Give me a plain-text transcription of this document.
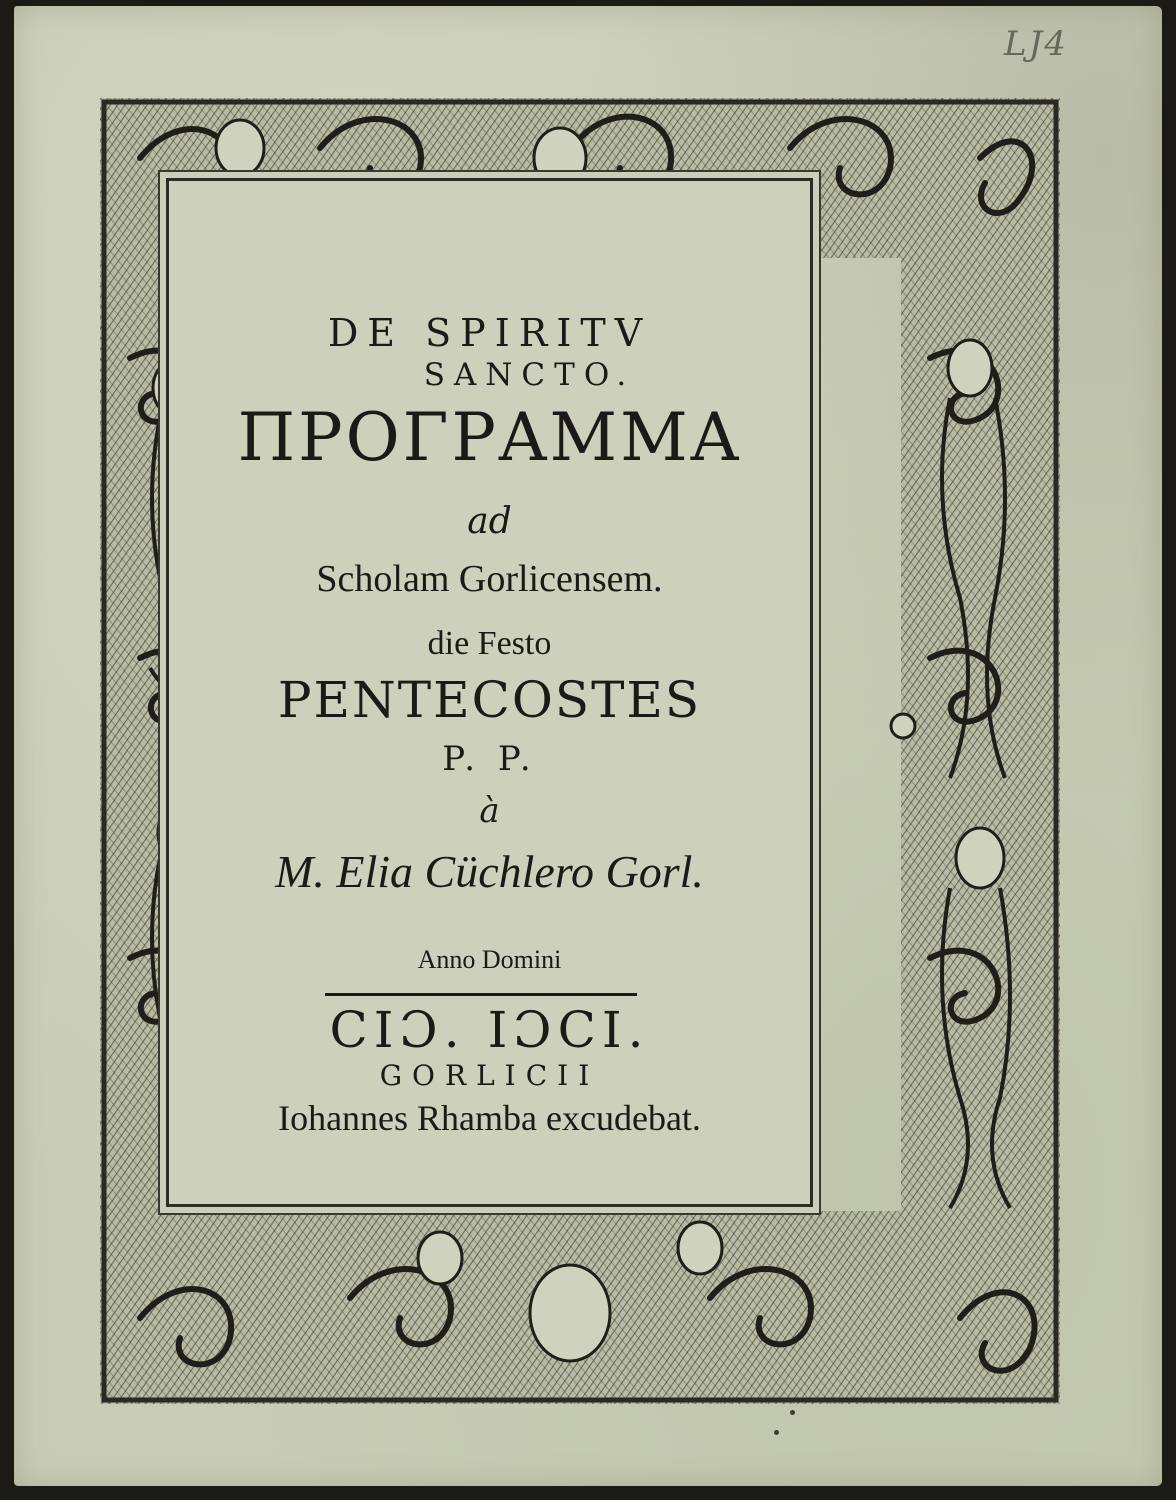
LJ4
DE SPIRITV
SANCTO.
ΠΡΟΓΡΑΜΜΑ
ad
Scholam Gorlicensem.
die Festo
PENTECOSTES
P. P.
à
M. Elia Cüchlero Gorl.
Anno Domini
CIƆ. IƆCI.
GORLICII
Iohannes Rhamba excudebat.
